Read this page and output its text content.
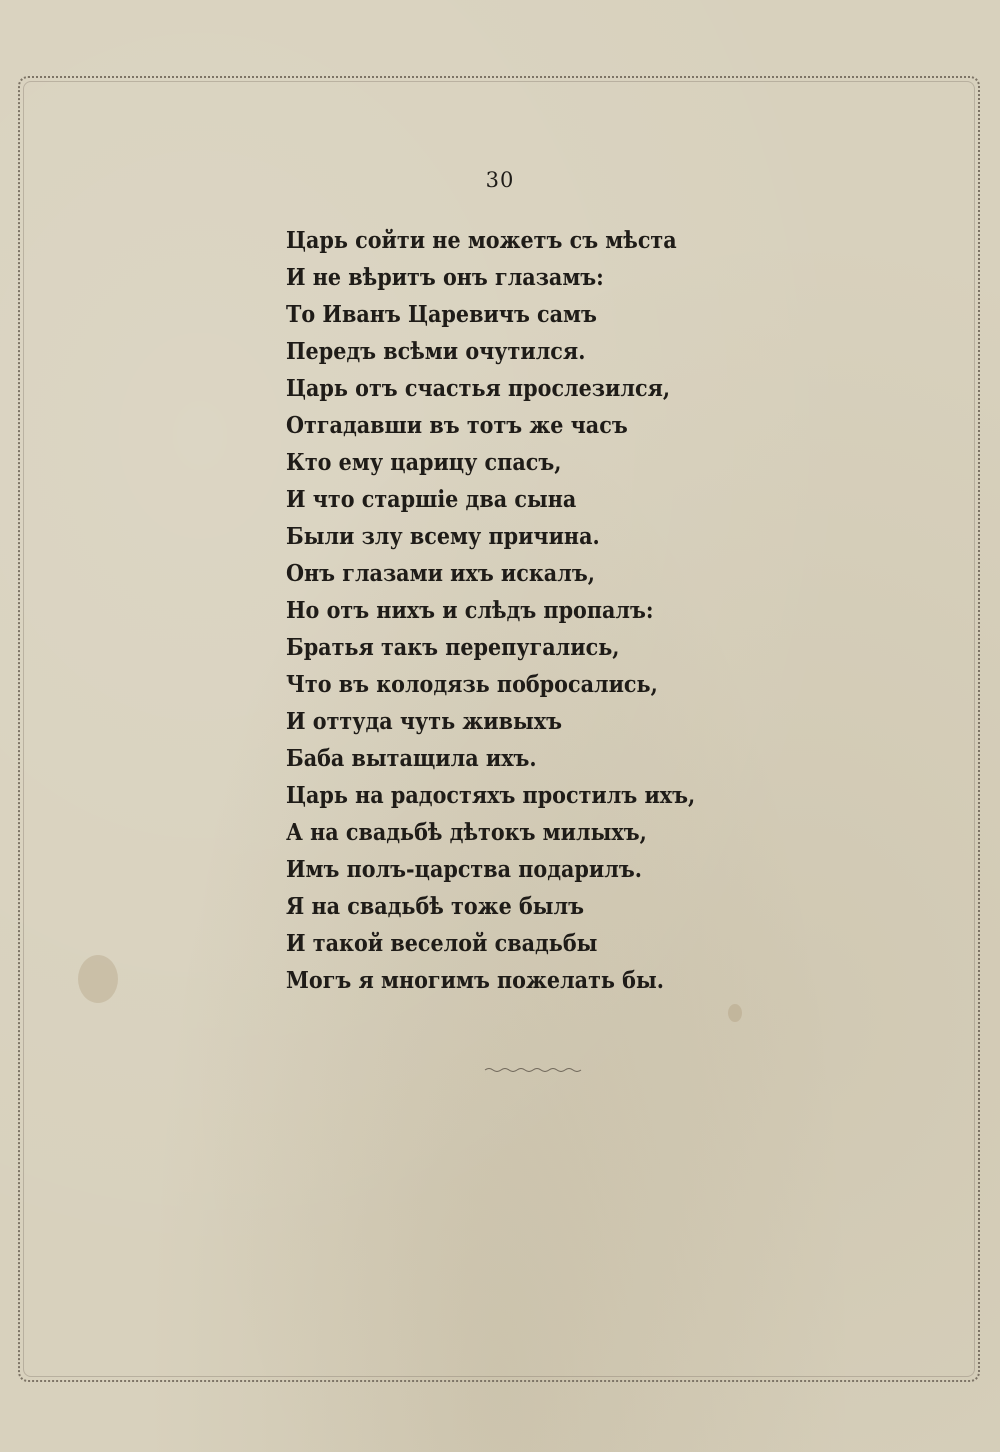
30
Царь сойти не можетъ съ мѣста
И не вѣритъ онъ глазамъ:
То Иванъ Царевичъ самъ
Передъ всѣми очутился.
Царь отъ счастья прослезился,
Отгадавши въ тотъ же часъ
Кто ему царицу спасъ,
И что старшіе два сына
Были злу всему причина.
Онъ глазами ихъ искалъ,
Но отъ нихъ и слѣдъ пропалъ:
Братья такъ перепугались,
Что въ колодязь побросались,
И оттуда чуть живыхъ
Баба вытащила ихъ.
Царь на радостяхъ простилъ ихъ,
А на свадьбѣ дѣтокъ милыхъ,
Имъ полъ-царства подарилъ.
Я на свадьбѣ тоже былъ
И такой веселой свадьбы
Могъ я многимъ пожелать бы.
